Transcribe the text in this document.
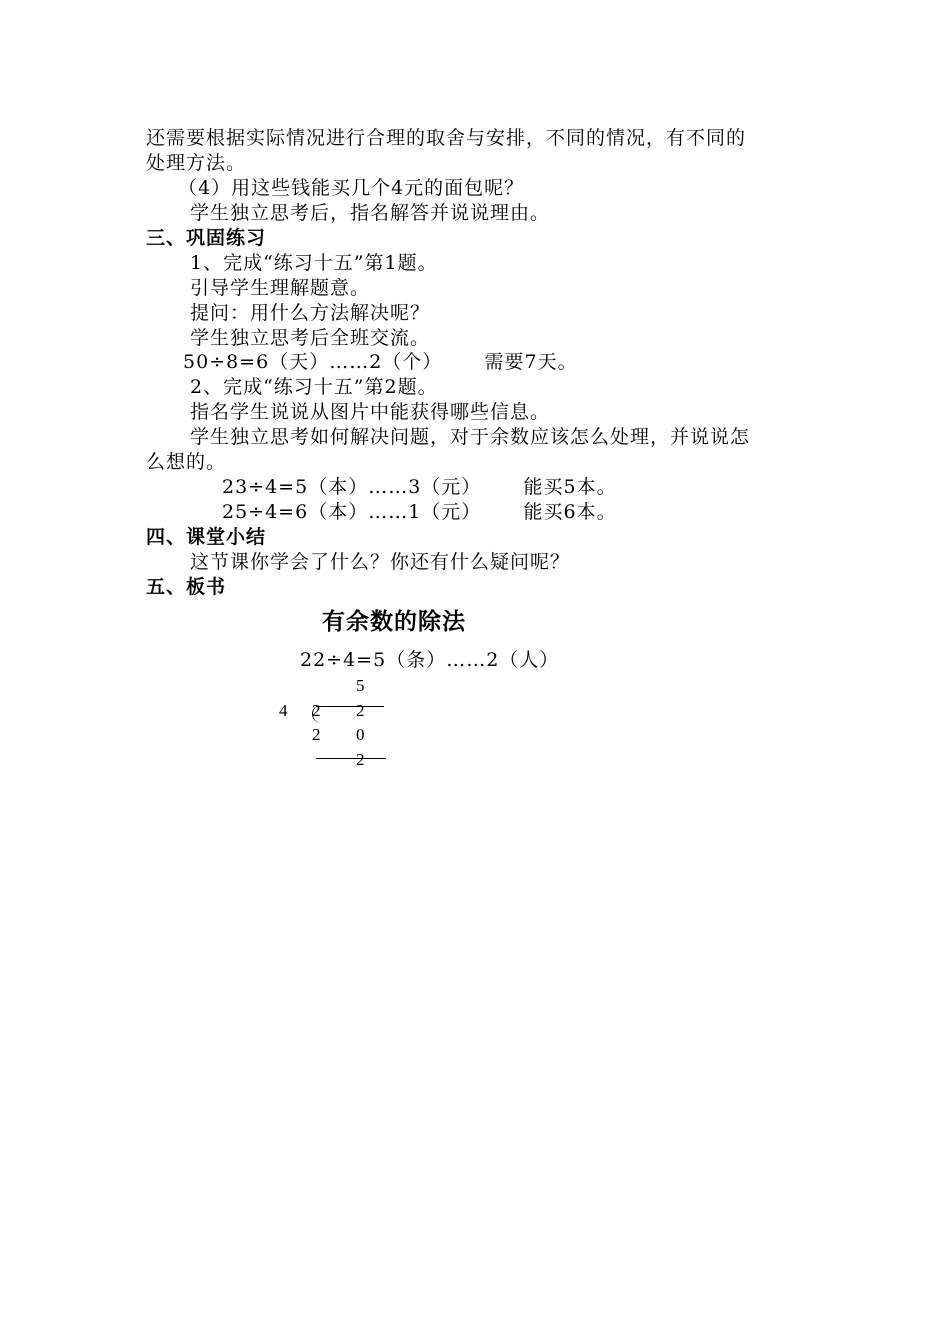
还需要根据实际情况进行合理的取舍与安排，不同的情况，有不同的
处理方法。
（4）用这些钱能买几个4元的面包呢？
学生独立思考后，指名解答并说说理由。
三、巩固练习
1、完成“练习十五”第1题。
引导学生理解题意。
提问：用什么方法解决呢？
学生独立思考后全班交流。
50÷8=6（天）……2（个）      需要7天。
2、完成“练习十五”第2题。
指名学生说说从图片中能获得哪些信息。
学生独立思考如何解决问题，对于余数应该怎么处理，并说说怎
么想的。
23÷4=5（本）……3（元）      能买5本。
25÷4=6（本）……1（元）      能买6本。
四、课堂小结
这节课你学会了什么？你还有什么疑问呢？
五、板书
有余数的除法
22÷4=5（条）……2（人）
5
4 2 2
2 0
2
